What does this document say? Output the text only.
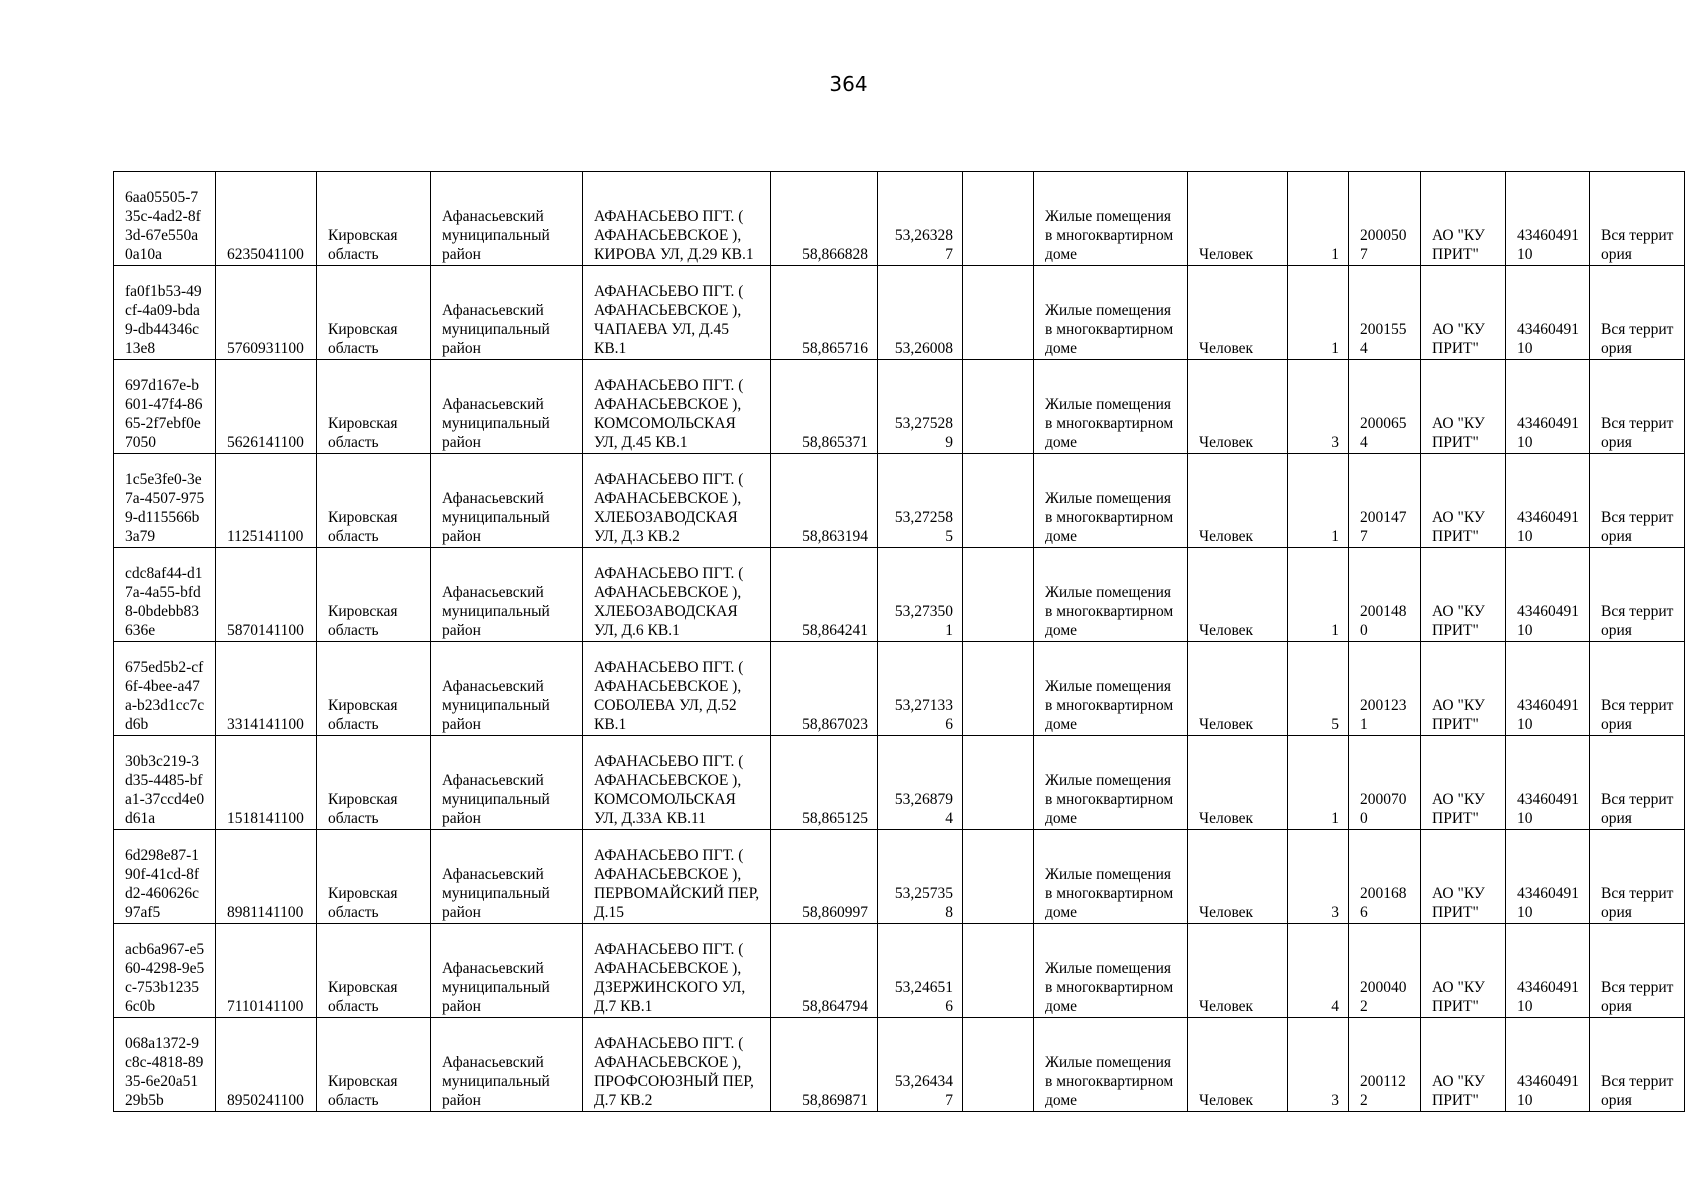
364
6aa05505-735c-4ad2-8f3d-67e550a0a10a	6235041100	Кировская область	Афанасьевский муниципальный район	АФАНАСЬЕВО ПГТ. ( АФАНАСЬЕВСКОЕ ), КИРОВА УЛ, Д.29 КВ.1	58,866828	53,263287		Жилые помещения в многоквартирном доме	Человек	1	2000507	АО "КУПРИТ"	4346049110	Вся территория
fa0f1b53-49cf-4a09-bda9-db44346c13e8	5760931100	Кировская область	Афанасьевский муниципальный район	АФАНАСЬЕВО ПГТ. ( АФАНАСЬЕВСКОЕ ), ЧАПАЕВА УЛ, Д.45 КВ.1	58,865716	53,26008		Жилые помещения в многоквартирном доме	Человек	1	2001554	АО "КУПРИТ"	4346049110	Вся территория
697d167e-b601-47f4-8665-2f7ebf0e7050	5626141100	Кировская область	Афанасьевский муниципальный район	АФАНАСЬЕВО ПГТ. ( АФАНАСЬЕВСКОЕ ), КОМСОМОЛЬСКАЯ УЛ, Д.45 КВ.1	58,865371	53,275289		Жилые помещения в многоквартирном доме	Человек	3	2000654	АО "КУПРИТ"	4346049110	Вся территория
1c5e3fe0-3e7a-4507-9759-d115566b3a79	1125141100	Кировская область	Афанасьевский муниципальный район	АФАНАСЬЕВО ПГТ. ( АФАНАСЬЕВСКОЕ ), ХЛЕБОЗАВОДСКАЯ УЛ, Д.3 КВ.2	58,863194	53,272585		Жилые помещения в многоквартирном доме	Человек	1	2001477	АО "КУПРИТ"	4346049110	Вся территория
cdc8af44-d17a-4a55-bfd8-0bdebb83636e	5870141100	Кировская область	Афанасьевский муниципальный район	АФАНАСЬЕВО ПГТ. ( АФАНАСЬЕВСКОЕ ), ХЛЕБОЗАВОДСКАЯ УЛ, Д.6 КВ.1	58,864241	53,273501		Жилые помещения в многоквартирном доме	Человек	1	2001480	АО "КУПРИТ"	4346049110	Вся территория
675ed5b2-cf6f-4bee-a47a-b23d1cc7cd6b	3314141100	Кировская область	Афанасьевский муниципальный район	АФАНАСЬЕВО ПГТ. ( АФАНАСЬЕВСКОЕ ), СОБОЛЕВА УЛ, Д.52 КВ.1	58,867023	53,271336		Жилые помещения в многоквартирном доме	Человек	5	2001231	АО "КУПРИТ"	4346049110	Вся территория
30b3c219-3d35-4485-bfa1-37ccd4e0d61a	1518141100	Кировская область	Афанасьевский муниципальный район	АФАНАСЬЕВО ПГТ. ( АФАНАСЬЕВСКОЕ ), КОМСОМОЛЬСКАЯ УЛ, Д.33А КВ.11	58,865125	53,268794		Жилые помещения в многоквартирном доме	Человек	1	2000700	АО "КУПРИТ"	4346049110	Вся территория
6d298e87-190f-41cd-8fd2-460626c97af5	8981141100	Кировская область	Афанасьевский муниципальный район	АФАНАСЬЕВО ПГТ. ( АФАНАСЬЕВСКОЕ ), ПЕРВОМАЙСКИЙ ПЕР, Д.15	58,860997	53,257358		Жилые помещения в многоквартирном доме	Человек	3	2001686	АО "КУПРИТ"	4346049110	Вся территория
acb6a967-e560-4298-9e5c-753b12356c0b	7110141100	Кировская область	Афанасьевский муниципальный район	АФАНАСЬЕВО ПГТ. ( АФАНАСЬЕВСКОЕ ), ДЗЕРЖИНСКОГО УЛ, Д.7 КВ.1	58,864794	53,246516		Жилые помещения в многоквартирном доме	Человек	4	2000402	АО "КУПРИТ"	4346049110	Вся территория
068a1372-9c8c-4818-8935-6e20a5129b5b	8950241100	Кировская область	Афанасьевский муниципальный район	АФАНАСЬЕВО ПГТ. ( АФАНАСЬЕВСКОЕ ), ПРОФСОЮЗНЫЙ ПЕР, Д.7 КВ.2	58,869871	53,264347		Жилые помещения в многоквартирном доме	Человек	3	2001122	АО "КУПРИТ"	4346049110	Вся территория
